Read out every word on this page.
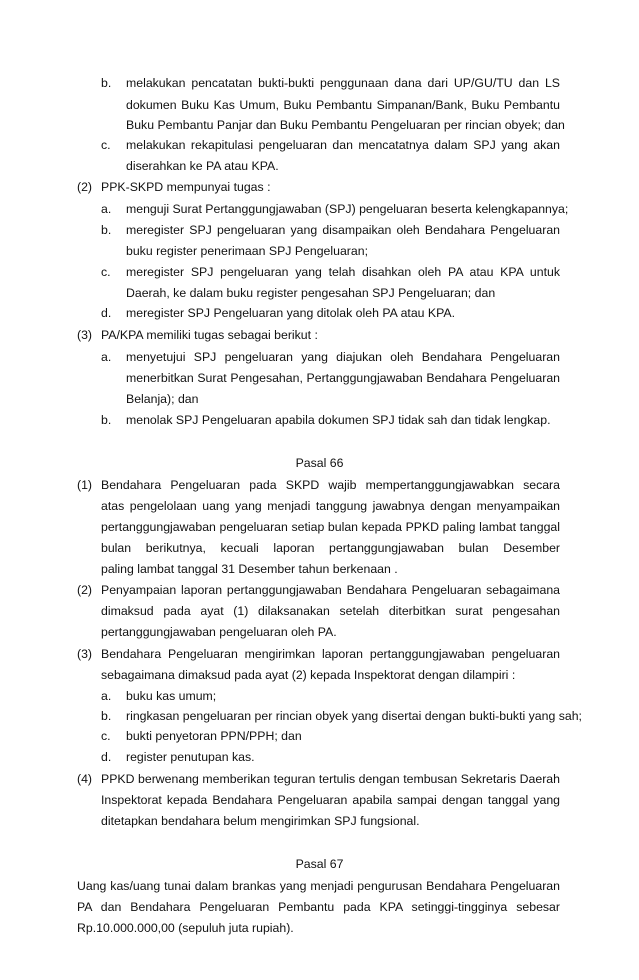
b. melakukan pencatatan bukti-bukti penggunaan dana dari UP/GU/TU dan LS
dokumen Buku Kas Umum, Buku Pembantu Simpanan/Bank, Buku Pembantu
Buku Pembantu Panjar dan Buku Pembantu Pengeluaran per rincian obyek; dan
c. melakukan rekapitulasi pengeluaran dan mencatatnya dalam SPJ yang akan
diserahkan ke PA atau KPA.
(2) PPK-SKPD mempunyai tugas :
a. menguji Surat Pertanggungjawaban (SPJ) pengeluaran beserta kelengkapannya;
b. meregister SPJ pengeluaran yang disampaikan oleh Bendahara Pengeluaran
buku register penerimaan SPJ Pengeluaran;
c. meregister SPJ pengeluaran yang telah disahkan oleh PA atau KPA untuk
Daerah, ke dalam buku register pengesahan SPJ Pengeluaran; dan
d. meregister SPJ Pengeluaran yang ditolak oleh PA atau KPA.
(3) PA/KPA memiliki tugas sebagai berikut :
a. menyetujui SPJ pengeluaran yang diajukan oleh Bendahara Pengeluaran
menerbitkan Surat Pengesahan, Pertanggungjawaban Bendahara Pengeluaran
Belanja); dan
b. menolak SPJ Pengeluaran apabila dokumen SPJ tidak sah dan tidak lengkap.
Pasal 66
(1) Bendahara Pengeluaran pada SKPD wajib mempertanggungjawabkan secara
atas pengelolaan uang yang menjadi tanggung jawabnya dengan menyampaikan
pertanggungjawaban pengeluaran setiap bulan kepada PPKD paling lambat tanggal
bulan berikutnya, kecuali laporan pertanggungjawaban bulan Desember
paling lambat tanggal 31 Desember tahun berkenaan .
(2) Penyampaian laporan pertanggungjawaban Bendahara Pengeluaran sebagaimana
dimaksud pada ayat (1) dilaksanakan setelah diterbitkan surat pengesahan
pertanggungjawaban pengeluaran oleh PA.
(3) Bendahara Pengeluaran mengirimkan laporan pertanggungjawaban pengeluaran
sebagaimana dimaksud pada ayat (2) kepada Inspektorat dengan dilampiri :
a. buku kas umum;
b. ringkasan pengeluaran per rincian obyek yang disertai dengan bukti-bukti yang sah;
c. bukti penyetoran PPN/PPH; dan
d. register penutupan kas.
(4) PPKD berwenang memberikan teguran tertulis dengan tembusan Sekretaris Daerah
Inspektorat kepada Bendahara Pengeluaran apabila sampai dengan tanggal yang
ditetapkan bendahara belum mengirimkan SPJ fungsional.
Pasal 67
Uang kas/uang tunai dalam brankas yang menjadi pengurusan Bendahara Pengeluaran
PA dan Bendahara Pengeluaran Pembantu pada KPA setinggi-tingginya sebesar
Rp.10.000.000,00 (sepuluh juta rupiah).
